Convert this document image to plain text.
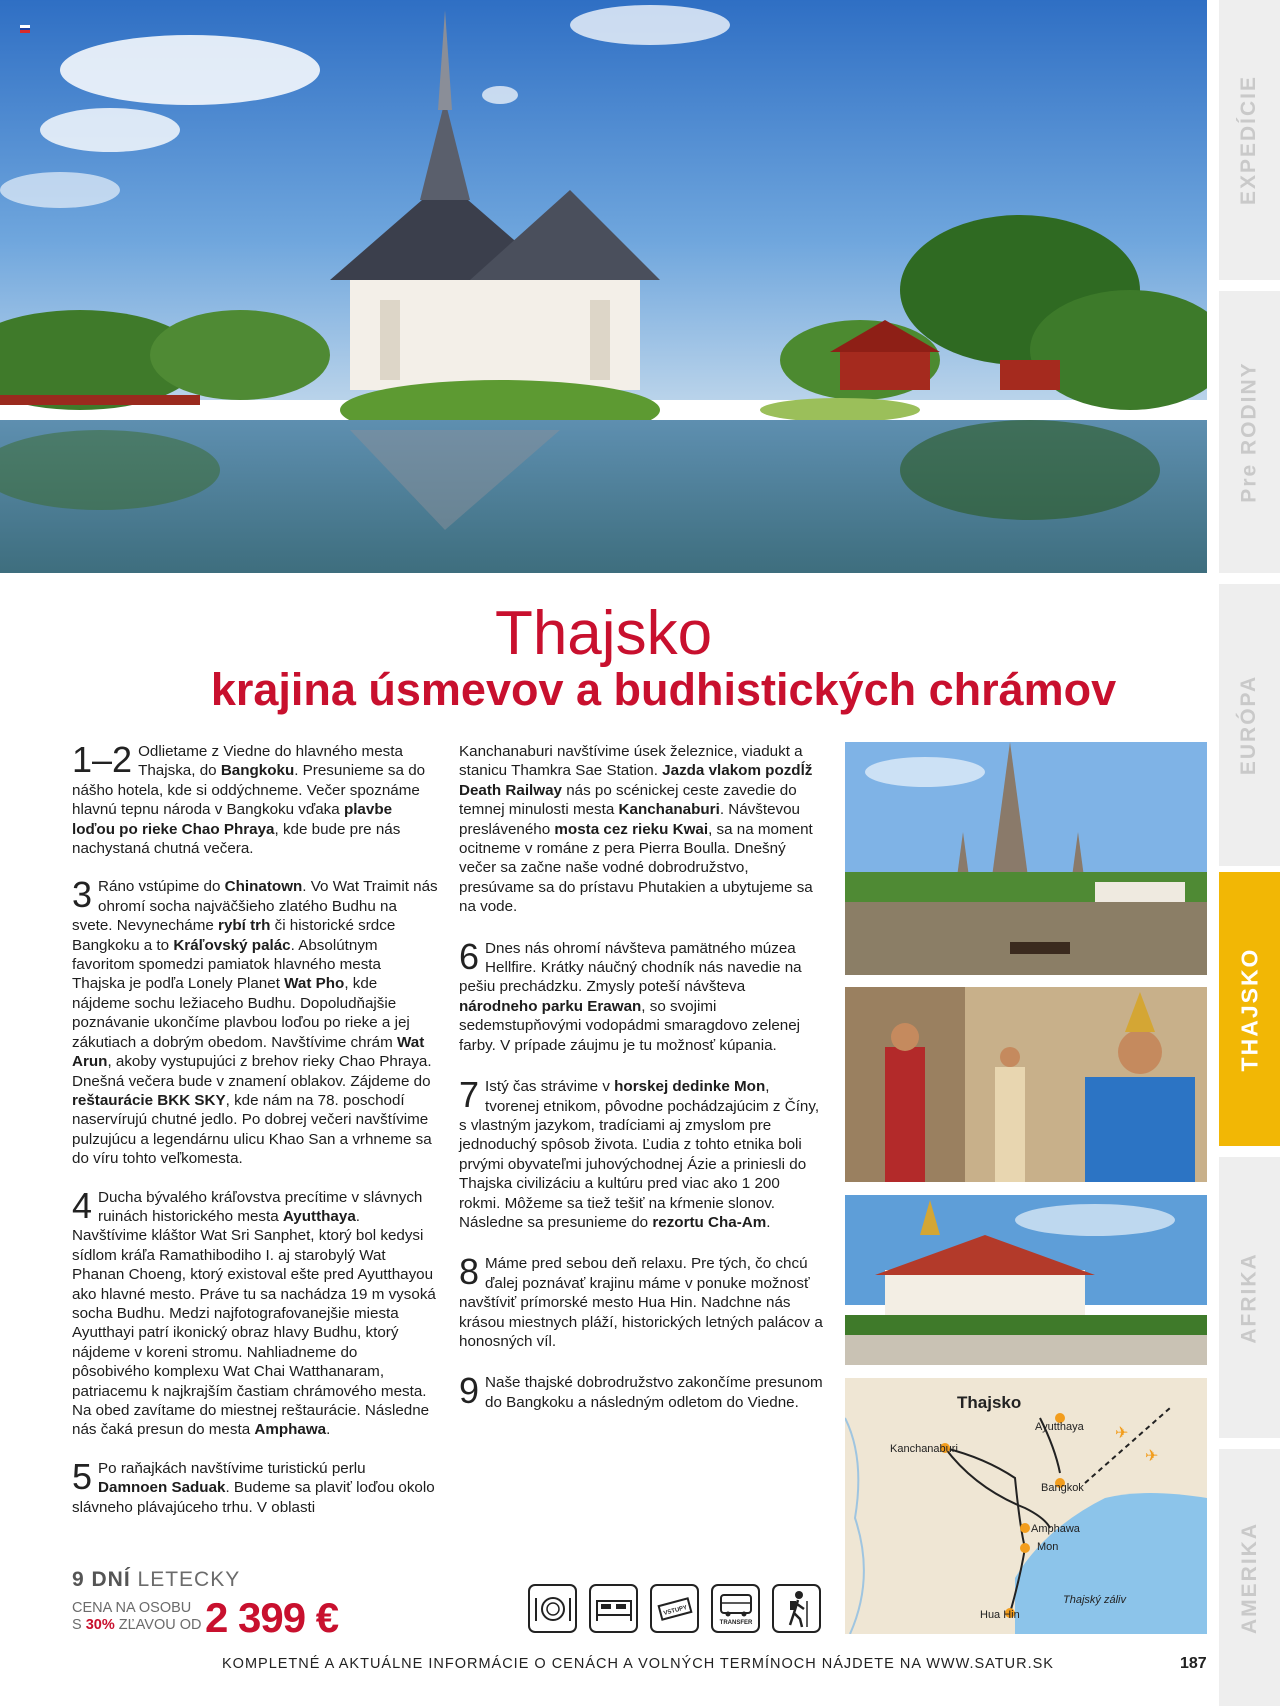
EXPEDÍCIE
Pre RODINY
EURÓPA
THAJSKO
AFRIKA
AMERIKA
Thajsko
krajina úsmevov a budhistických chrámov
1–2 Odlietame z Viedne do hlavného mesta Thajska, do Bangkoku. Presunieme sa do nášho hotela, kde si oddýchneme. Večer spoznáme hlavnú tepnu národa v Bangkoku vďaka plavbe loďou po rieke Chao Phraya, kde bude pre nás nachystaná chutná večera.
3 Ráno vstúpime do Chinatown. Vo Wat Traimit nás ohromí socha najväčšieho zlatého Budhu na svete. Nevynecháme rybí trh či historické srdce Bangkoku a to Kráľovský palác. Absolútnym favoritom spomedzi pamiatok hlavného mesta Thajska je podľa Lonely Planet Wat Pho, kde nájdeme sochu ležiaceho Budhu. Dopoludňajšie poznávanie ukončíme plavbou loďou po rieke a jej zákutiach a dobrým obedom. Navštívime chrám Wat Arun, akoby vystupujúci z brehov rieky Chao Phraya. Dnešná večera bude v znamení oblakov. Zájdeme do reštaurácie BKK SKY, kde nám na 78. poschodí naservírujú chutné jedlo. Po dobrej večeri navštívime pulzujúcu a legendárnu ulicu Khao San a vrhneme sa do víru tohto veľkomesta.
4 Ducha bývalého kráľovstva precítime v slávnych ruinách historického mesta Ayutthaya. Navštívime kláštor Wat Sri Sanphet, ktorý bol kedysi sídlom kráľa Ramathibodiho I. aj starobylý Wat Phanan Choeng, ktorý existoval ešte pred Ayutthayou ako hlavné mesto. Práve tu sa nachádza 19 m vysoká socha Budhu. Medzi najfotografovanejšie miesta Ayutthayi patrí ikonický obraz hlavy Budhu, ktorý nájdeme v koreni stromu. Nahliadneme do pôsobivého komplexu Wat Chai Watthanaram, patriacemu k najkrajším častiam chrámového mesta. Na obed zavítame do miestnej reštaurácie. Následne nás čaká presun do mesta Amphawa.
5 Po raňajkách navštívime turistickú perlu Damnoen Saduak. Budeme sa plaviť loďou okolo slávneho plávajúceho trhu. V oblasti
Kanchanaburi navštívime úsek železnice, viadukt a stanicu Thamkra Sae Station. Jazda vlakom pozdĺž Death Railway nás po scénickej ceste zavedie do temnej minulosti mesta Kanchanaburi. Návštevou presláveného mosta cez rieku Kwai, sa na moment ocitneme v románe z pera Pierra Boulla. Dnešný večer sa začne naše vodné dobrodružstvo, presúvame sa do prístavu Phutakien a ubytujeme sa na vode.
6 Dnes nás ohromí návšteva pamätného múzea Hellfire. Krátky náučný chodník nás navedie na pešiu prechádzku. Zmysly poteší návšteva národneho parku Erawan, so svojimi sedemstupňovými vodopádmi smaragdovo zelenej farby. V prípade záujmu je tu možnosť kúpania.
7 Istý čas strávime v horskej dedinke Mon, tvorenej etnikom, pôvodne pochádzajúcim z Číny, s vlastným jazykom, tradíciami aj zmyslom pre jednoduchý spôsob života. Ľudia z tohto etnika boli prvými obyvateľmi juhovýchodnej Ázie a priniesli do Thajska civilizáciu a kultúru pred viac ako 1 200 rokmi. Môžeme sa tiež tešiť na kŕmenie slonov. Následne sa presunieme do rezortu Cha-Am.
8 Máme pred sebou deň relaxu. Pre tých, čo chcú ďalej poznávať krajinu máme v ponuke možnosť navštíviť prímorské mesto Hua Hin. Nadchne nás krásou miestnych pláží, historických letných palácov a honosných víl.
9 Naše thajské dobrodružstvo zakončíme presunom do Bangkoku a následným odletom do Viedne.	Thajsko
Ayutthaya
Kanchanaburi
Bangkok
Amphawa
Mon
Hua Hin
Thajský záliv
✈
✈
9 DNÍ LETECKY
CENA NA OSOBU
S 30% ZĽAVOU OD 2 399 €	VSTUPY
TRANSFER
KOMPLETNÉ A AKTUÁLNE INFORMÁCIE O CENÁCH A VOLNÝCH TERMÍNOCH NÁJDETE NA WWW.SATUR.SK	187
